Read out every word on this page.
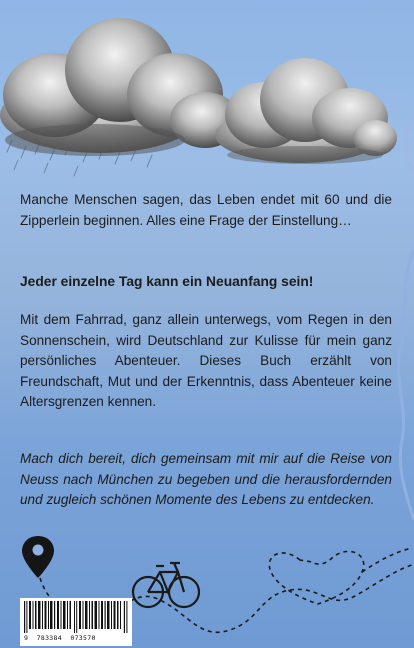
Manche Menschen sagen, das Leben endet mit 60 und die Zipperlein beginnen. Alles eine Frage der Einstellung…

Jeder einzelne Tag kann ein Neuanfang sein!

Mit dem Fahrrad, ganz allein unterwegs, vom Regen in den Sonnenschein, wird Deutschland zur Kulisse für mein ganz persönliches Abenteuer. Dieses Buch erzählt von Freundschaft, Mut und der Erkenntnis, dass Abenteuer keine Altersgrenzen kennen.

Mach dich bereit, dich gemeinsam mit mir auf die Reise von Neuss nach München zu begeben und die herausfordernden und zugleich schönen Momente des Lebens zu entdecken.

9 783384 073570
